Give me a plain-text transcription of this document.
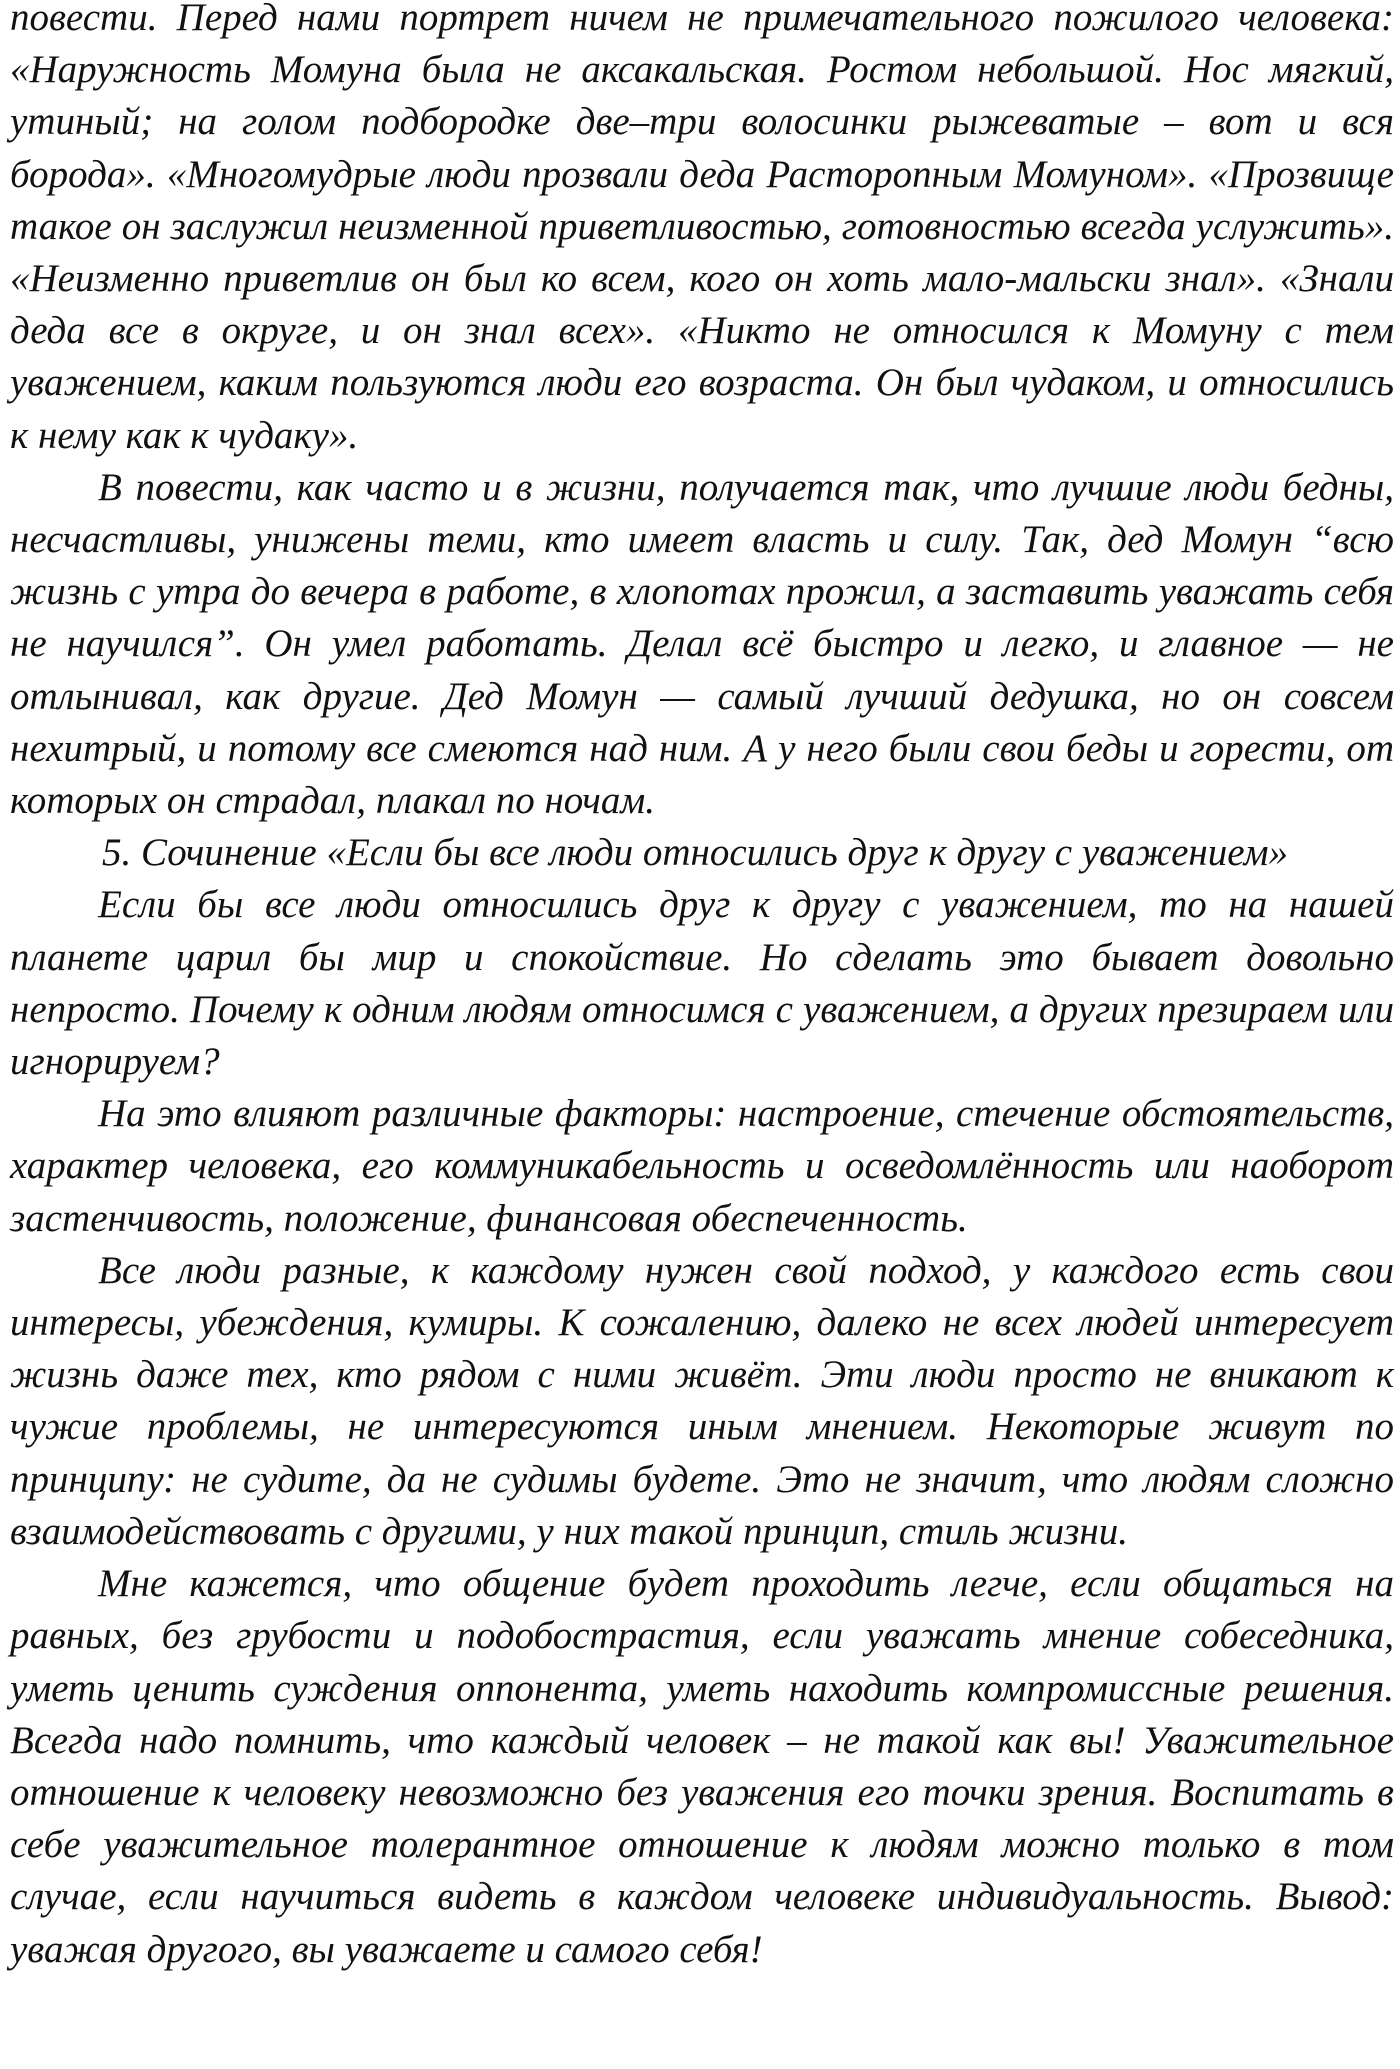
повести. Перед нами портрет ничем не примечательного пожилого человека: «Наружность Момуна была не аксакальская. Ростом небольшой. Нос мягкий, утиный; на голом подбородке две–три волосинки рыжеватые – вот и вся борода». «Многомудрые люди прозвали деда Расторопным Момуном». «Прозвище такое он заслужил неизменной приветливостью, готовностью всегда услужить». «Неизменно приветлив он был ко всем, кого он хоть мало-мальски знал». «Знали деда все в округе, и он знал всех». «Никто не относился к Момуну с тем уважением, каким пользуются люди его возраста. Он был чудаком, и относились к нему как к чудаку».

В повести, как часто и в жизни, получается так, что лучшие люди бедны, несчастливы, унижены теми, кто имеет власть и силу. Так, дед Момун “всю жизнь с утра до вечера в работе, в хлопотах прожил, а заставить уважать себя не научился”. Он умел работать. Делал всё быстро и легко, и главное — не отлынивал, как другие. Дед Момун — самый лучший дедушка, но он совсем нехитрый, и потому все смеются над ним. А у него были свои беды и горести, от которых он страдал, плакал по ночам.

5. Сочинение «Если бы все люди относились друг к другу с уважением»

Если бы все люди относились друг к другу с уважением, то на нашей планете царил бы мир и спокойствие. Но сделать это бывает довольно непросто. Почему к одним людям относимся с уважением, а других презираем или игнорируем?

На это влияют различные факторы: настроение, стечение обстоятельств, характер человека, его коммуникабельность и осведомлённость или наоборот застенчивость, положение, финансовая обеспеченность.

Все люди разные, к каждому нужен свой подход, у каждого есть свои интересы, убеждения, кумиры. К сожалению, далеко не всех людей интересует жизнь даже тех, кто рядом с ними живёт. Эти люди просто не вникают к чужие проблемы, не интересуются иным мнением. Некоторые живут по принципу: не судите, да не судимы будете. Это не значит, что людям сложно взаимодействовать с другими, у них такой принцип, стиль жизни.

Мне кажется, что общение будет проходить легче, если общаться на равных, без грубости и подобострастия, если уважать мнение собеседника, уметь ценить суждения оппонента, уметь находить компромиссные решения. Всегда надо помнить, что каждый человек – не такой как вы! Уважительное отношение к человеку невозможно без уважения его точки зрения. Воспитать в себе уважительное толерантное отношение к людям можно только в том случае, если научиться видеть в каждом человеке индивидуальность. Вывод: уважая другого, вы уважаете и самого себя!
